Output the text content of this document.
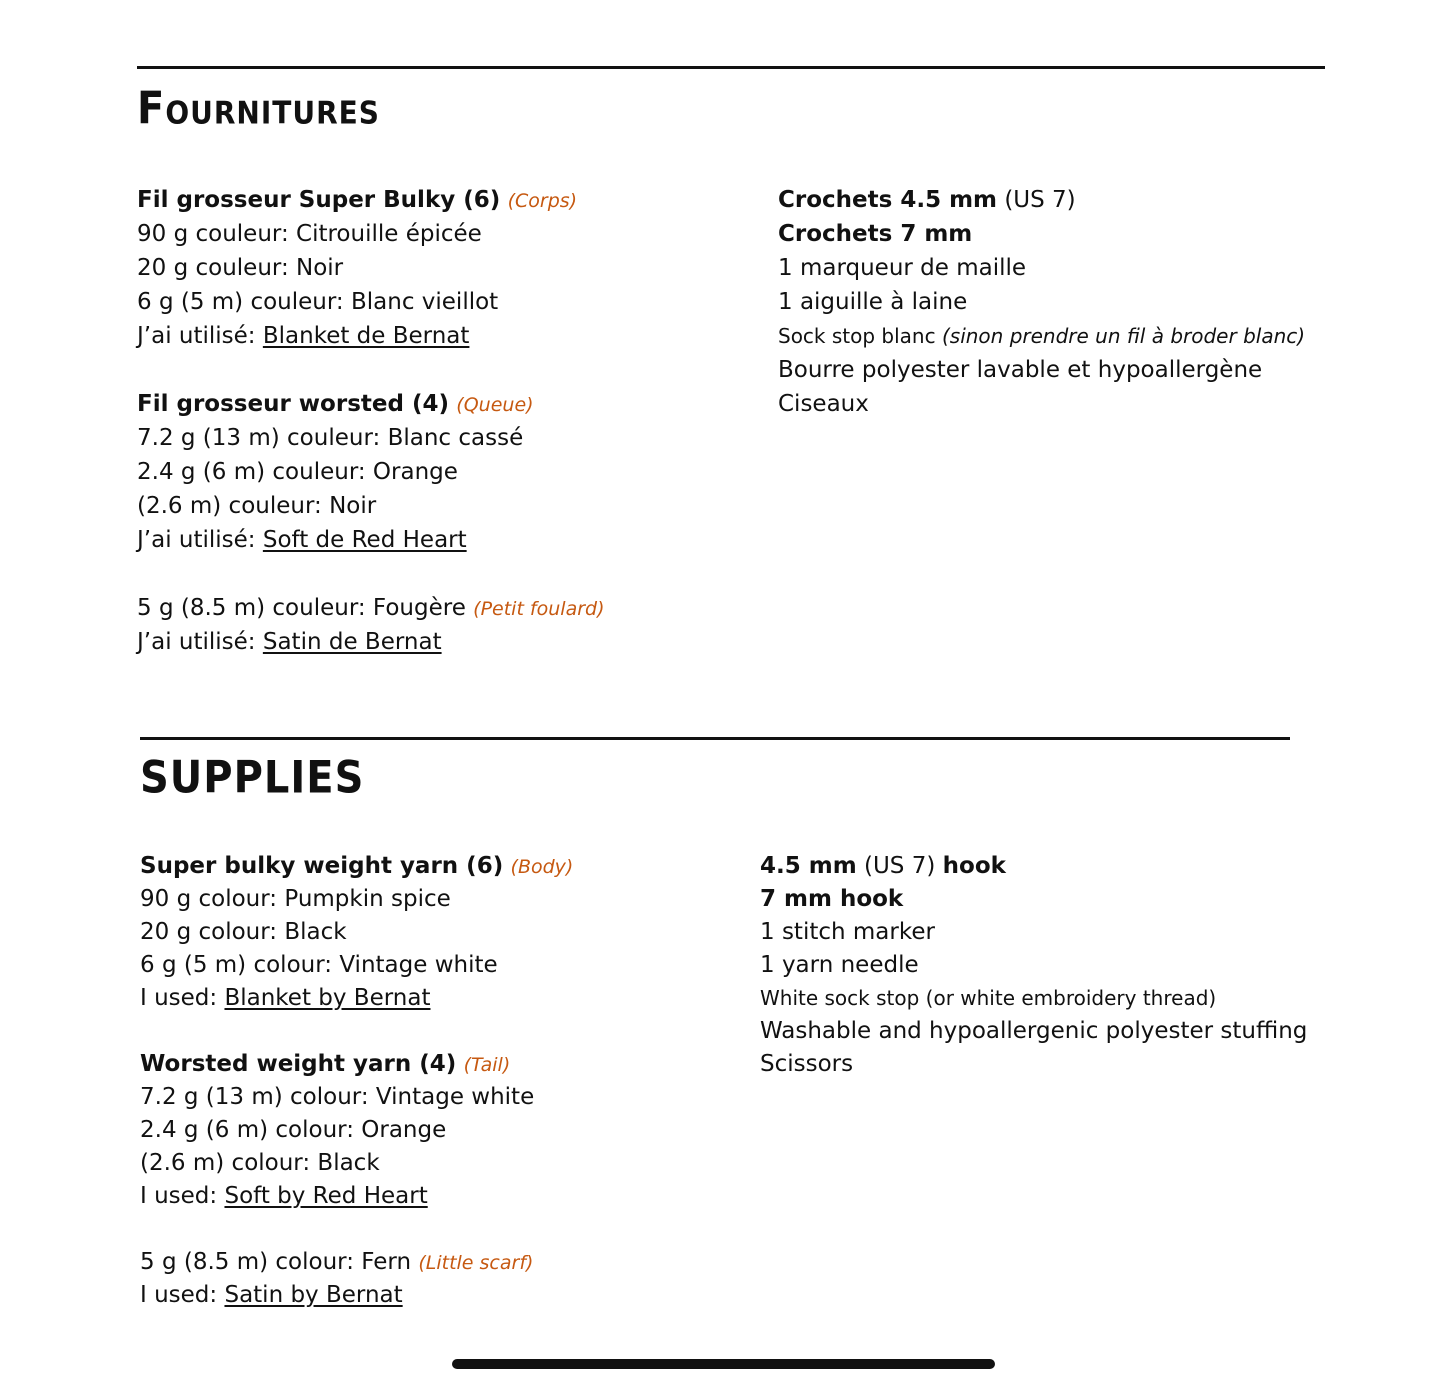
Fournitures
Fil grosseur Super Bulky (6) (Corps)
90 g couleur: Citrouille épicée
20 g couleur: Noir
6 g (5 m) couleur: Blanc vieillot
J’ai utilisé: Blanket de Bernat
Fil grosseur worsted (4) (Queue)
7.2 g (13 m) couleur: Blanc cassé
2.4 g (6 m) couleur: Orange
(2.6 m) couleur: Noir
J’ai utilisé: Soft de Red Heart
5 g (8.5 m) couleur: Fougère (Petit foulard)
J’ai utilisé: Satin de Bernat
Crochets 4.5 mm (US 7)
Crochets 7 mm
1 marqueur de maille
1 aiguille à laine
Sock stop blanc (sinon prendre un fil à broder blanc)
Bourre polyester lavable et hypoallergène
Ciseaux
SUPPLIES
Super bulky weight yarn (6) (Body)
90 g colour: Pumpkin spice
20 g colour: Black
6 g (5 m) colour: Vintage white
I used: Blanket by Bernat
Worsted weight yarn (4) (Tail)
7.2 g (13 m) colour: Vintage white
2.4 g (6 m) colour: Orange
(2.6 m) colour: Black
I used: Soft by Red Heart
5 g (8.5 m) colour: Fern (Little scarf)
I used: Satin by Bernat
4.5 mm (US 7) hook
7 mm hook
1 stitch marker
1 yarn needle
White sock stop (or white embroidery thread)
Washable and hypoallergenic polyester stuffing
Scissors
